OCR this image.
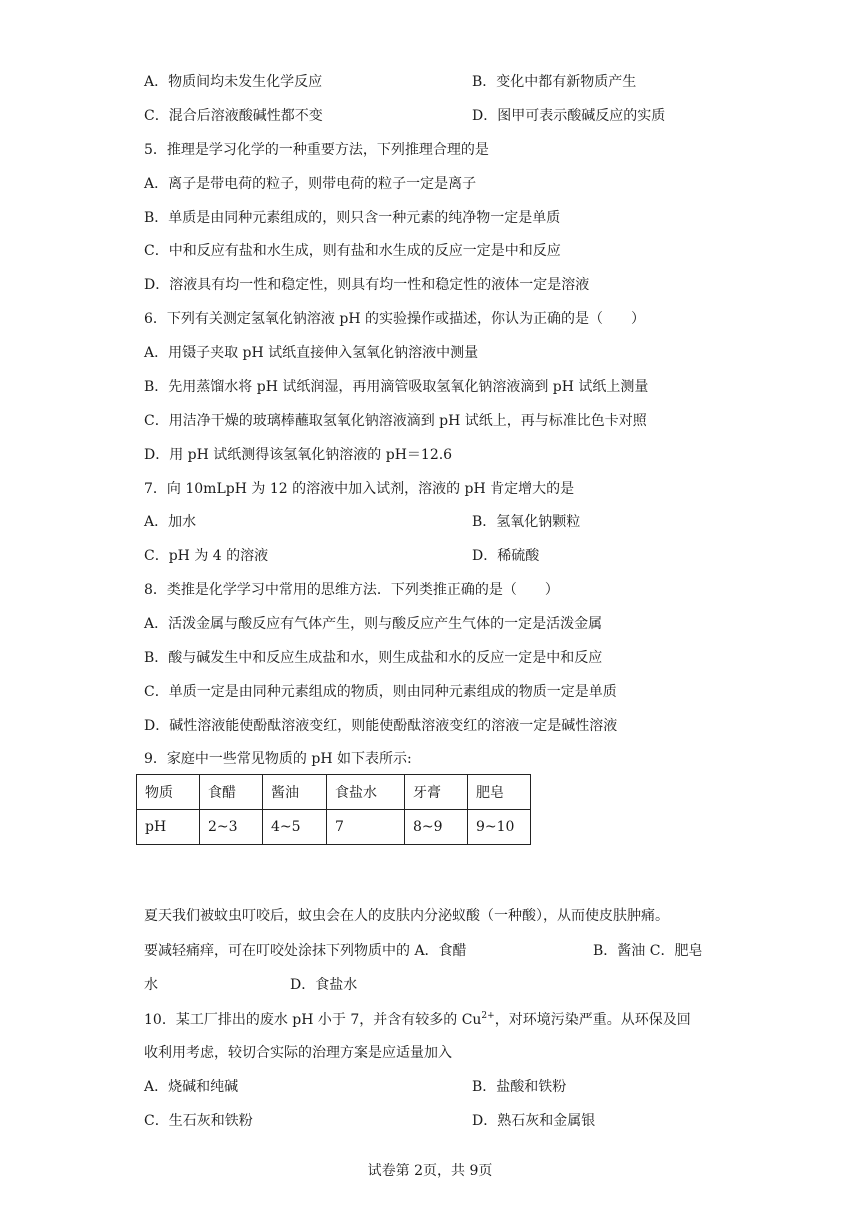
A．物质间均未发生化学反应	B．变化中都有新物质产生
C．混合后溶液酸碱性都不变	D．图甲可表示酸碱反应的实质
5．推理是学习化学的一种重要方法，下列推理合理的是
A．离子是带电荷的粒子，则带电荷的粒子一定是离子
B．单质是由同种元素组成的，则只含一种元素的纯净物一定是单质
C．中和反应有盐和水生成，则有盐和水生成的反应一定是中和反应
D．溶液具有均一性和稳定性，则具有均一性和稳定性的液体一定是溶液
6．下列有关测定氢氧化钠溶液 pH 的实验操作或描述，你认为正确的是（　　）
A．用镊子夹取 pH 试纸直接伸入氢氧化钠溶液中测量
B．先用蒸馏水将 pH 试纸润湿，再用滴管吸取氢氧化钠溶液滴到 pH 试纸上测量
C．用洁净干燥的玻璃棒蘸取氢氧化钠溶液滴到 pH 试纸上，再与标准比色卡对照
D．用 pH 试纸测得该氢氧化钠溶液的 pH＝12.6
7．向 10mLpH 为 12 的溶液中加入试剂，溶液的 pH 肯定增大的是
A．加水	B．氢氧化钠颗粒
C．pH 为 4 的溶液	D．稀硫酸
8．类推是化学学习中常用的思维方法．下列类推正确的是（　　）
A．活泼金属与酸反应有气体产生，则与酸反应产生气体的一定是活泼金属
B．酸与碱发生中和反应生成盐和水，则生成盐和水的反应一定是中和反应
C．单质一定是由同种元素组成的物质，则由同种元素组成的物质一定是单质
D．碱性溶液能使酚酞溶液变红，则能使酚酞溶液变红的溶液一定是碱性溶液
9．家庭中一些常见物质的 pH 如下表所示:
物质	食醋	酱油	食盐水	牙膏	肥皂
pH	2~3	4~5	7	8~9	9~10
夏天我们被蚊虫叮咬后，蚊虫会在人的皮肤内分泌蚁酸（一种酸），从而使皮肤肿痛。
要减轻痛痒，可在叮咬处涂抹下列物质中的 A．食醋	B．酱油 C．肥皂
水	D．食盐水
10．某工厂排出的废水 pH 小于 7，并含有较多的 $Cu^{2+}$，对环境污染严重。从环保及回
收利用考虑，较切合实际的治理方案是应适量加入
A．烧碱和纯碱	B．盐酸和铁粉
C．生石灰和铁粉	D．熟石灰和金属银
试卷第 2页，共 9页
